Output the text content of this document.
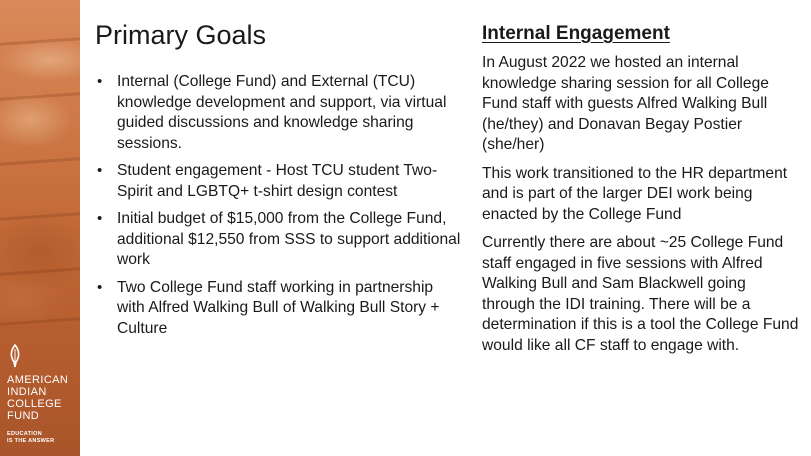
AMERICAN
INDIAN
COLLEGE
FUND
EDUCATION
IS THE ANSWER
Primary Goals
• Internal (College Fund) and External (TCU) knowledge development and support, via virtual guided discussions and knowledge sharing sessions.
• Student engagement - Host TCU student Two-Spirit and LGBTQ+ t-shirt design contest
• Initial budget of $15,000 from the College Fund, additional $12,550 from SSS to support additional work
• Two College Fund staff working in partnership with Alfred Walking Bull of Walking Bull Story + Culture
Internal Engagement

In August 2022 we hosted an internal knowledge sharing session for all College Fund staff with guests Alfred Walking Bull (he/they) and Donavan Begay Postier (she/her)

This work transitioned to the HR department and is part of the larger DEI work being enacted by the College Fund

Currently there are about ~25 College Fund staff engaged in five sessions with Alfred Walking Bull and Sam Blackwell going through the IDI training. There will be a determination if this is a tool the College Fund would like all CF staff to engage with.
